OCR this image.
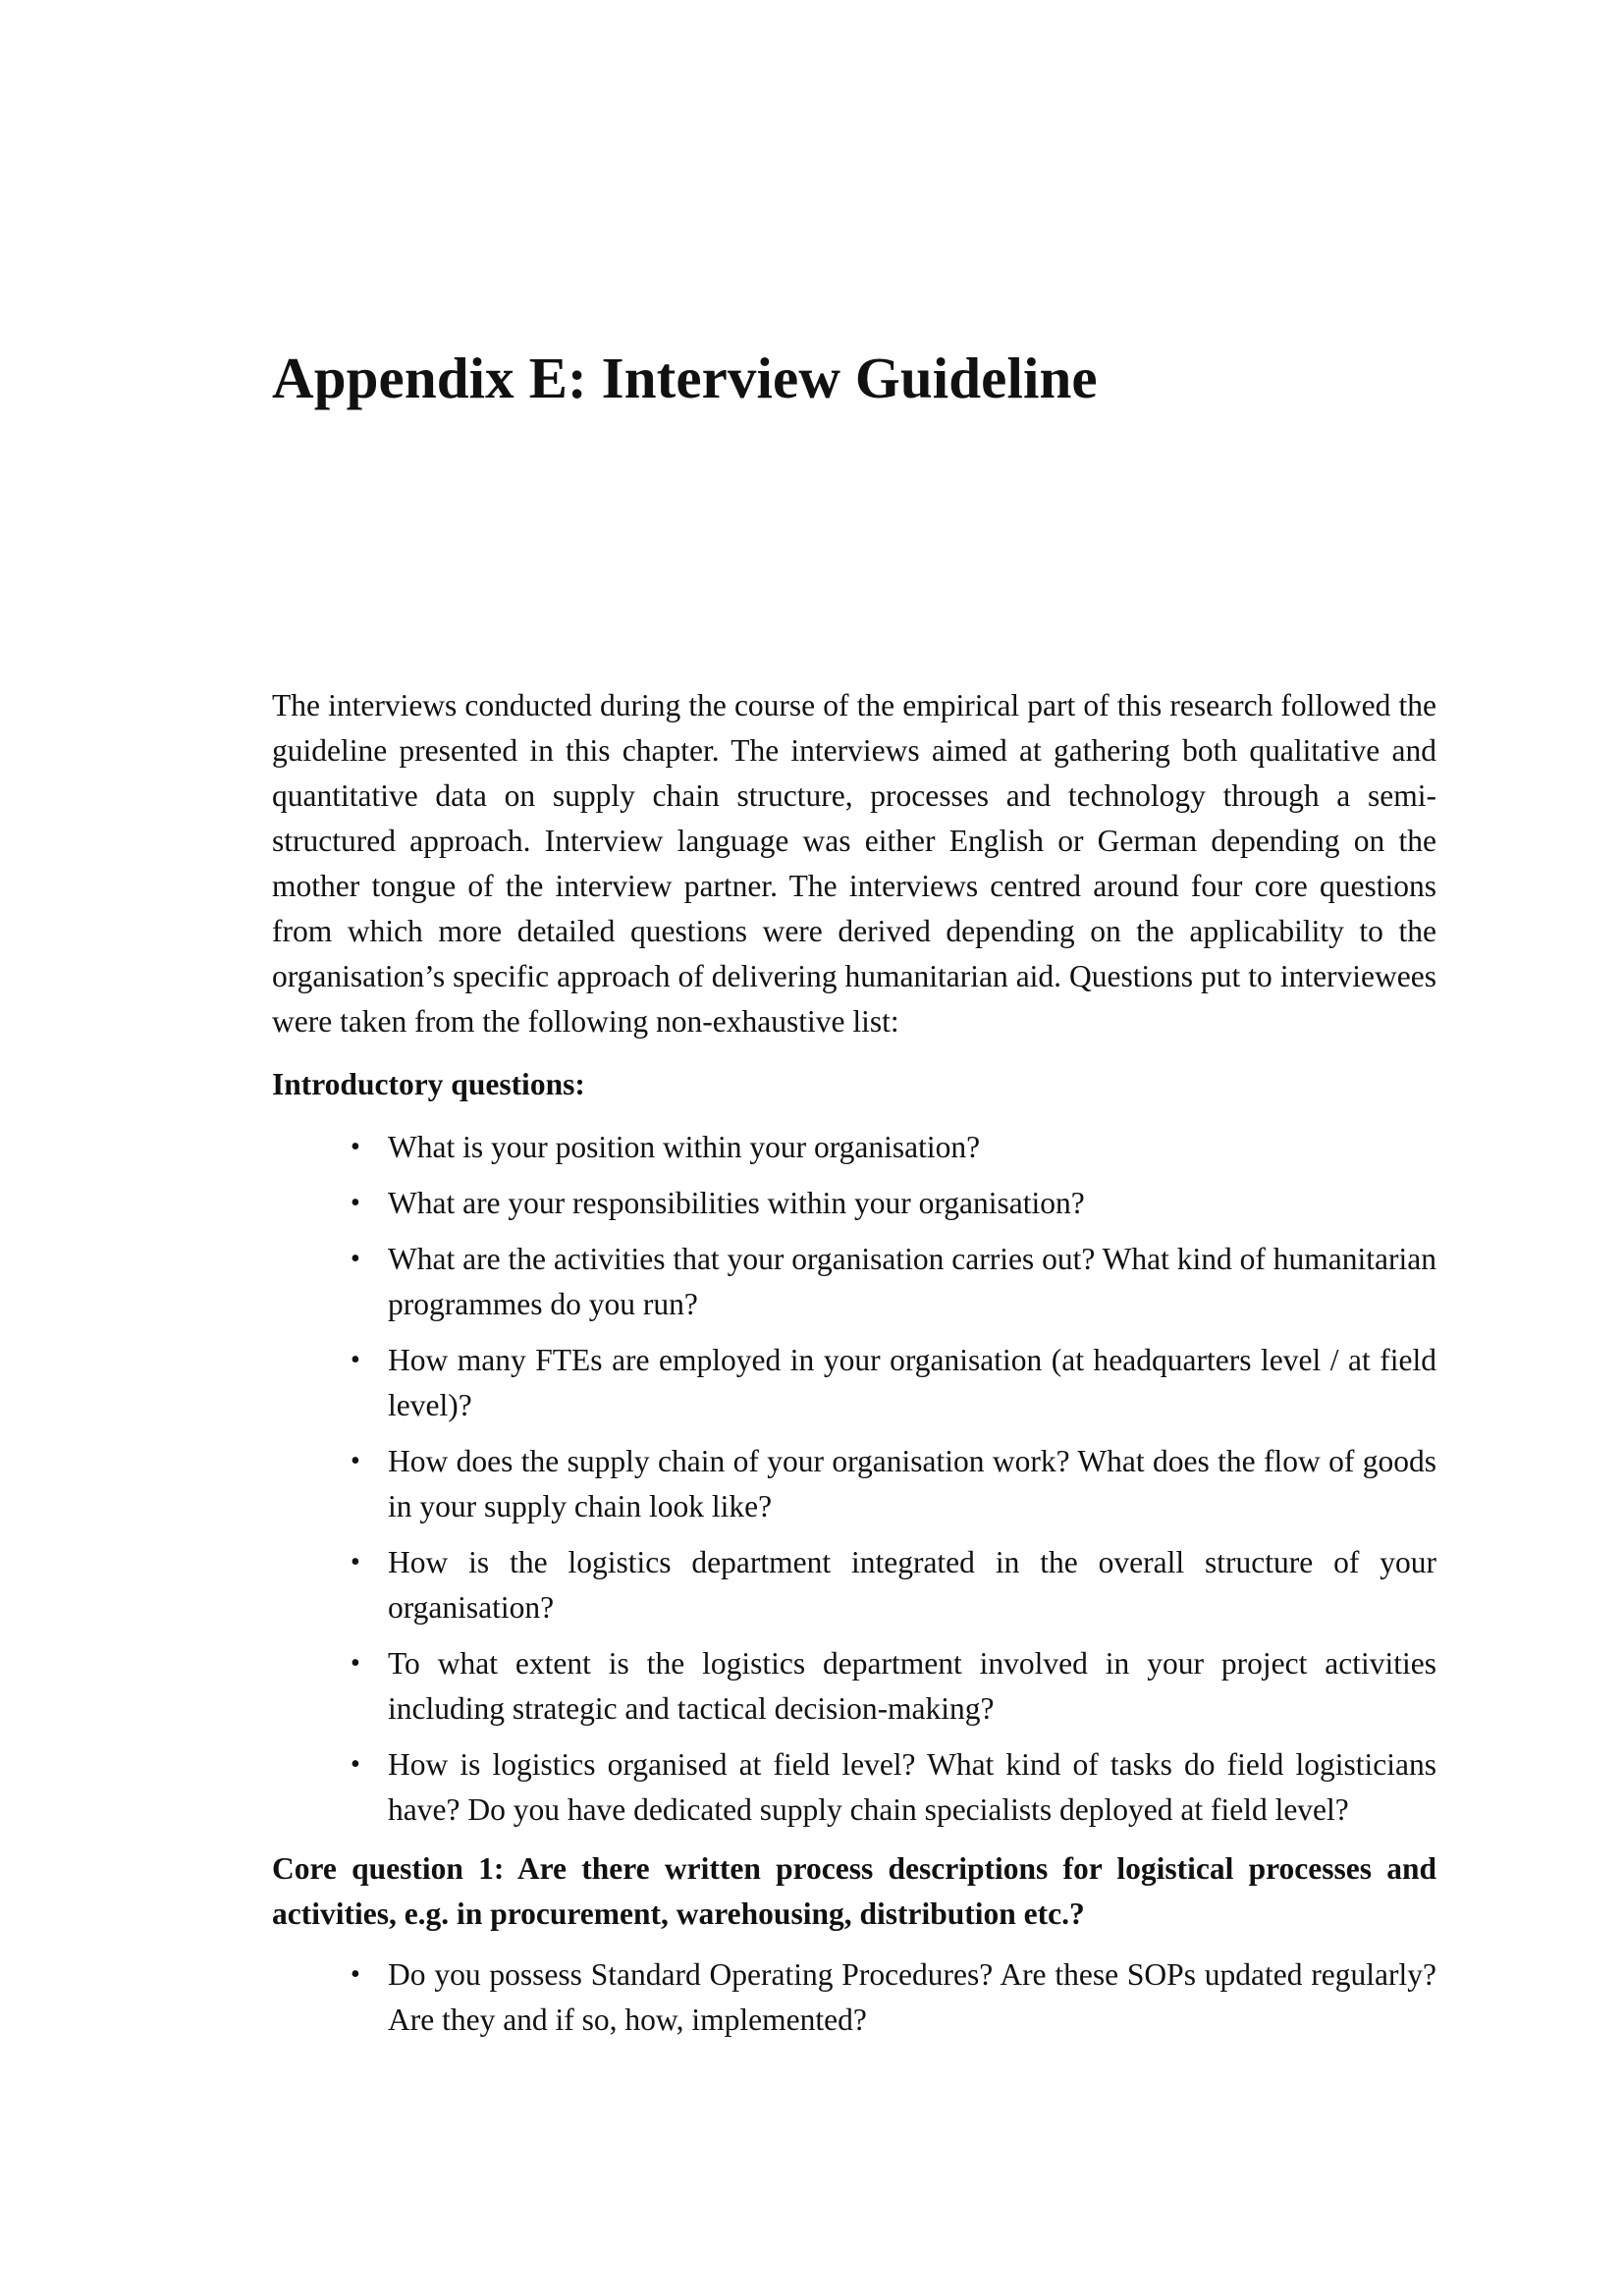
Appendix E: Interview Guideline

The interviews conducted during the course of the empirical part of this research followed the guideline presented in this chapter. The interviews aimed at gathering both qualitative and quantitative data on supply chain structure, processes and technology through a semi-structured approach. Interview language was either English or German depending on the mother tongue of the interview partner. The interviews centred around four core questions from which more detailed questions were derived depending on the applicability to the organisation’s specific approach of delivering humanitarian aid. Questions put to interviewees were taken from the following non-exhaustive list:

Introductory questions:
• What is your position within your organisation?
• What are your responsibilities within your organisation?
• What are the activities that your organisation carries out? What kind of humanitarian programmes do you run?
• How many FTEs are employed in your organisation (at headquarters level / at field level)?
• How does the supply chain of your organisation work? What does the flow of goods in your supply chain look like?
• How is the logistics department integrated in the overall structure of your organisation?
• To what extent is the logistics department involved in your project activities including strategic and tactical decision-making?
• How is logistics organised at field level? What kind of tasks do field logisticians have? Do you have dedicated supply chain specialists deployed at field level?
Core question 1: Are there written process descriptions for logistical processes and activities, e.g. in procurement, warehousing, distribution etc.?
• Do you possess Standard Operating Procedures? Are these SOPs updated regularly? Are they and if so, how, implemented?
